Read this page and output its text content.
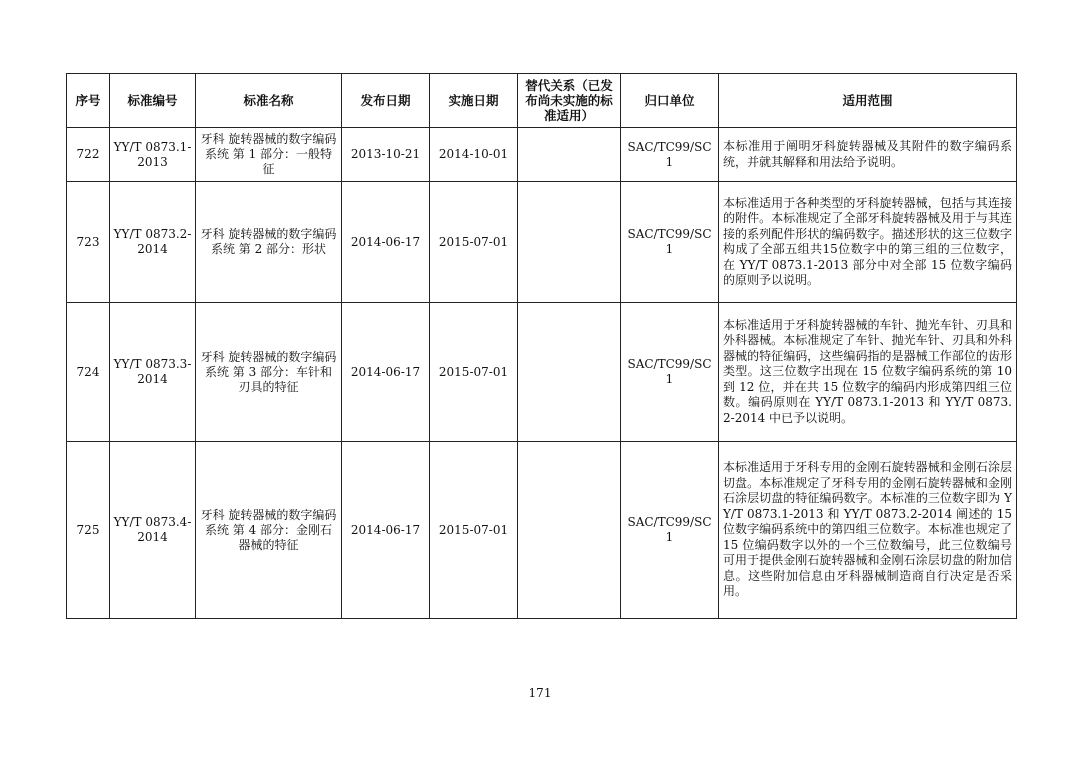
序号	标准编号	标准名称	发布日期	实施日期	替代关系（已发布尚未实施的标准适用）	归口单位	适用范围
722	YY/T 0873.1-2013	牙科 旋转器械的数字编码系统 第 1 部分：一般特征	2013-10-21	2014-10-01		SAC/TC99/SC1	本标准用于阐明牙科旋转器械及其附件的数字编码系统，并就其解释和用法给予说明。
723	YY/T 0873.2-2014	牙科 旋转器械的数字编码系统 第 2 部分：形状	2014-06-17	2015-07-01		SAC/TC99/SC1	本标准适用于各种类型的牙科旋转器械，包括与其连接的附件。本标准规定了全部牙科旋转器械及用于与其连接的系列配件形状的编码数字。描述形状的这三位数字构成了全部五组共15位数字中的第三组的三位数字，在 YY/T 0873.1-2013 部分中对全部 15 位数字编码的原则予以说明。
724	YY/T 0873.3-2014	牙科 旋转器械的数字编码系统 第 3 部分：车针和刃具的特征	2014-06-17	2015-07-01		SAC/TC99/SC1	本标准适用于牙科旋转器械的车针、抛光车针、刃具和外科器械。本标准规定了车针、抛光车针、刃具和外科器械的特征编码，这些编码指的是器械工作部位的齿形类型。这三位数字出现在 15 位数字编码系统的第 10 到 12 位，并在共 15 位数字的编码内形成第四组三位数。编码原则在 YY/T 0873.1-2013 和 YY/T 0873.2-2014 中已予以说明。
725	YY/T 0873.4-2014	牙科 旋转器械的数字编码系统 第 4 部分：金刚石器械的特征	2014-06-17	2015-07-01		SAC/TC99/SC1	本标准适用于牙科专用的金刚石旋转器械和金刚石涂层切盘。本标准规定了牙科专用的金刚石旋转器械和金刚石涂层切盘的特征编码数字。本标准的三位数字即为 YY/T 0873.1-2013 和 YY/T 0873.2-2014 阐述的 15 位数字编码系统中的第四组三位数字。本标准也规定了 15 位编码数字以外的一个三位数编号，此三位数编号可用于提供金刚石旋转器械和金刚石涂层切盘的附加信息。这些附加信息由牙科器械制造商自行决定是否采用。
171
